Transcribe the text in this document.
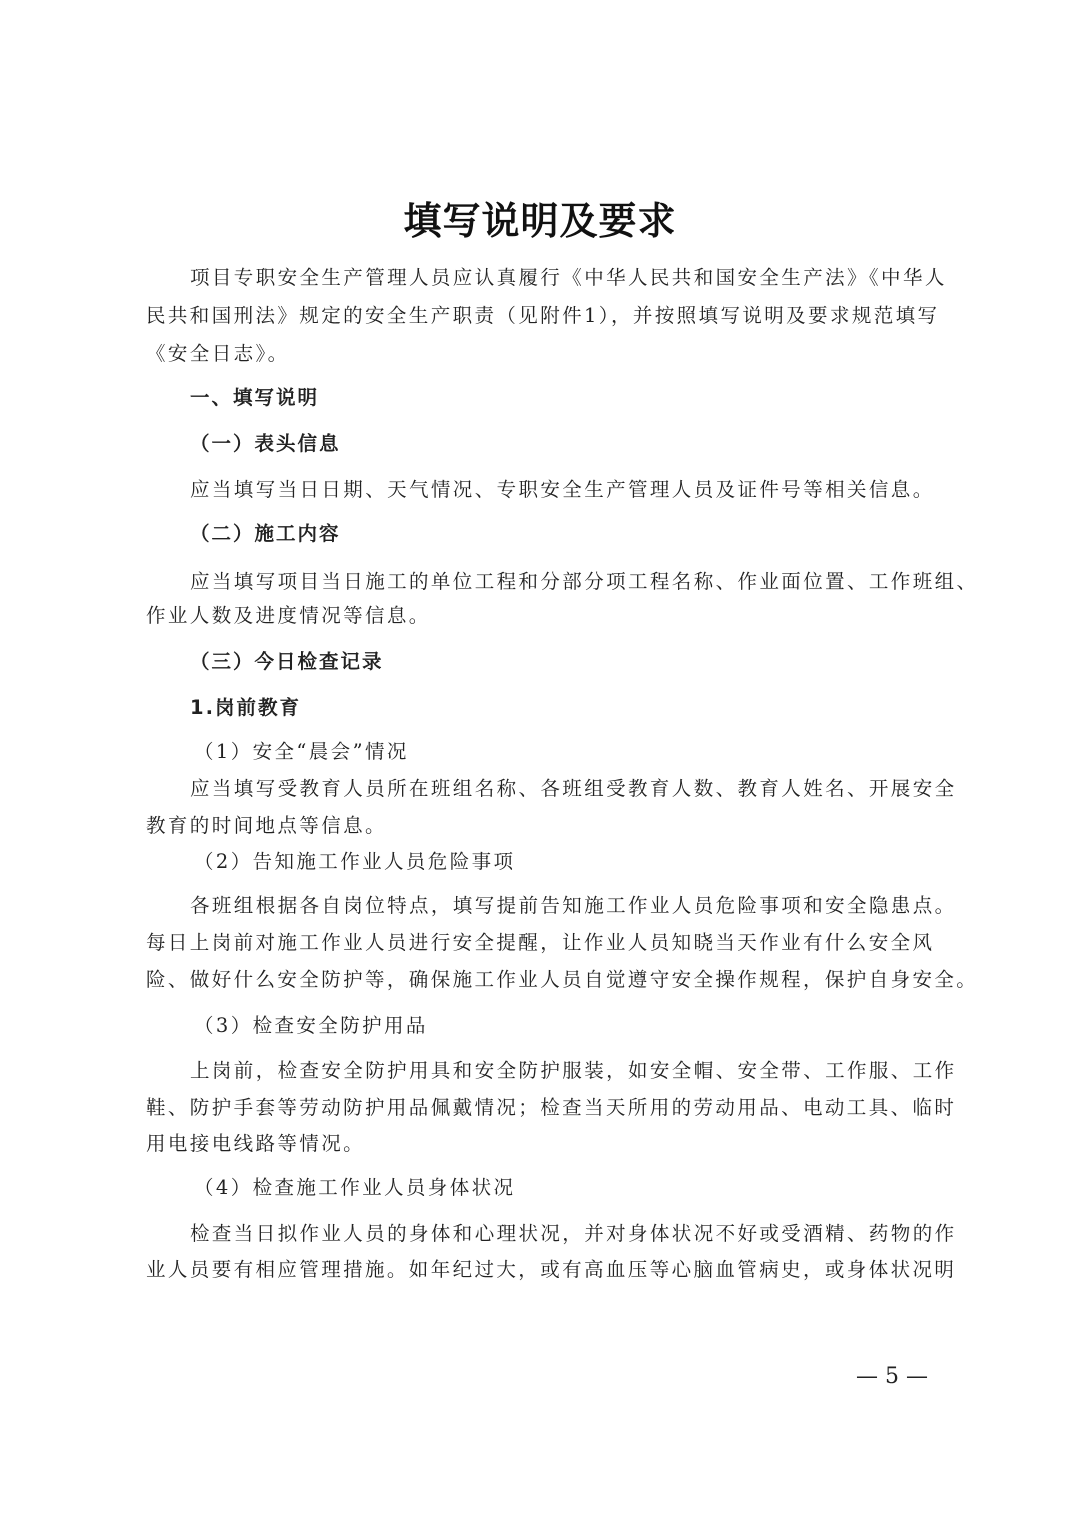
填写说明及要求
项目专职安全生产管理人员应认真履行《中华人民共和国安全生产法》《中华人
民共和国刑法》规定的安全生产职责（见附件1），并按照填写说明及要求规范填写
《安全日志》。
一、填写说明
（一）表头信息
应当填写当日日期、天气情况、专职安全生产管理人员及证件号等相关信息。
（二）施工内容
应当填写项目当日施工的单位工程和分部分项工程名称、作业面位置、工作班组、
作业人数及进度情况等信息。
（三）今日检查记录
1.岗前教育
（1）安全“晨会”情况
应当填写受教育人员所在班组名称、各班组受教育人数、教育人姓名、开展安全
教育的时间地点等信息。
（2）告知施工作业人员危险事项
各班组根据各自岗位特点，填写提前告知施工作业人员危险事项和安全隐患点。
每日上岗前对施工作业人员进行安全提醒，让作业人员知晓当天作业有什么安全风
险、做好什么安全防护等，确保施工作业人员自觉遵守安全操作规程，保护自身安全。
（3）检查安全防护用品
上岗前，检查安全防护用具和安全防护服装，如安全帽、安全带、工作服、工作
鞋、防护手套等劳动防护用品佩戴情况；检查当天所用的劳动用品、电动工具、临时
用电接电线路等情况。
（4）检查施工作业人员身体状况
检查当日拟作业人员的身体和心理状况，并对身体状况不好或受酒精、药物的作
业人员要有相应管理措施。如年纪过大，或有高血压等心脑血管病史，或身体状况明
— 5 —
